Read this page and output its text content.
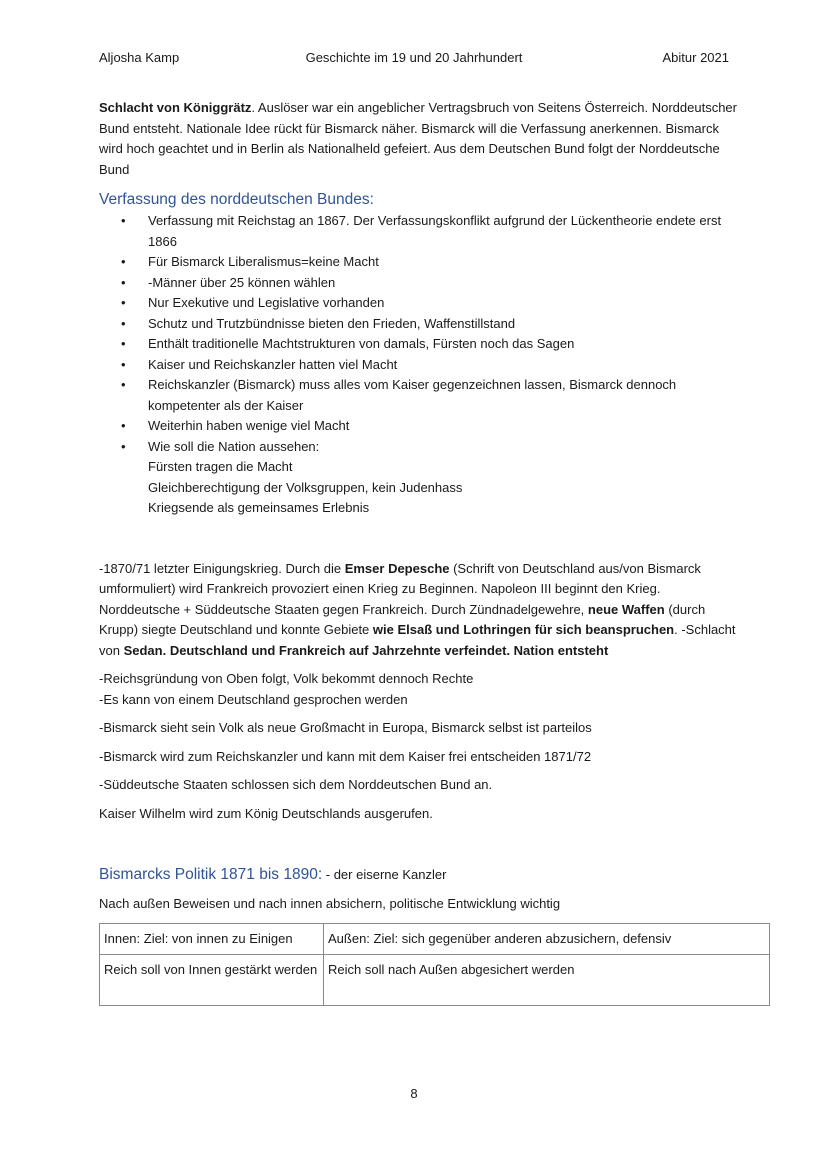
Aljosha Kamp	Geschichte im 19 und 20 Jahrhundert	Abitur 2021

Schlacht von Königgrätz. Auslöser war ein angeblicher Vertragsbruch von Seitens Österreich. Norddeutscher Bund entsteht. Nationale Idee rückt für Bismarck näher. Bismarck will die Verfassung anerkennen. Bismarck wird hoch geachtet und in Berlin als Nationalheld gefeiert. Aus dem Deutschen Bund folgt der Norddeutsche Bund

Verfassung des norddeutschen Bundes:

• Verfassung mit Reichstag an 1867. Der Verfassungskonflikt aufgrund der Lückentheorie endete erst 1866
• Für Bismarck Liberalismus=keine Macht
• -Männer über 25 können wählen
• Nur Exekutive und Legislative vorhanden
• Schutz und Trutzbündnisse bieten den Frieden, Waffenstillstand
• Enthält traditionelle Machtstrukturen von damals, Fürsten noch das Sagen
• Kaiser und Reichskanzler hatten viel Macht
• Reichskanzler (Bismarck) muss alles vom Kaiser gegenzeichnen lassen, Bismarck dennoch kompetenter als der Kaiser
• Weiterhin haben wenige viel Macht
• Wie soll die Nation aussehen:
Fürsten tragen die Macht
Gleichberechtigung der Volksgruppen, kein Judenhass
Kriegsende als gemeinsames Erlebnis

-1870/71 letzter Einigungskrieg. Durch die Emser Depesche (Schrift von Deutschland aus/von Bismarck umformuliert) wird Frankreich provoziert einen Krieg zu Beginnen. Napoleon III beginnt den Krieg. Norddeutsche + Süddeutsche Staaten gegen Frankreich. Durch Zündnadelgewehre, neue Waffen (durch Krupp) siegte Deutschland und konnte Gebiete wie Elsaß und Lothringen für sich beanspruchen. -Schlacht von Sedan. Deutschland und Frankreich auf Jahrzehnte verfeindet. Nation entsteht

-Reichsgründung von Oben folgt, Volk bekommt dennoch Rechte

-Es kann von einem Deutschland gesprochen werden

-Bismarck sieht sein Volk als neue Großmacht in Europa, Bismarck selbst ist parteilos

-Bismarck wird zum Reichskanzler und kann mit dem Kaiser frei entscheiden 1871/72

-Süddeutsche Staaten schlossen sich dem Norddeutschen Bund an.

Kaiser Wilhelm wird zum König Deutschlands ausgerufen.

Bismarcks Politik 1871 bis 1890: - der eiserne Kanzler

Nach außen Beweisen und nach innen absichern, politische Entwicklung wichtig

Innen: Ziel: von innen zu Einigen	Außen: Ziel: sich gegenüber anderen abzusichern, defensiv
Reich soll von Innen gestärkt werden	Reich soll nach Außen abgesichert werden
8
